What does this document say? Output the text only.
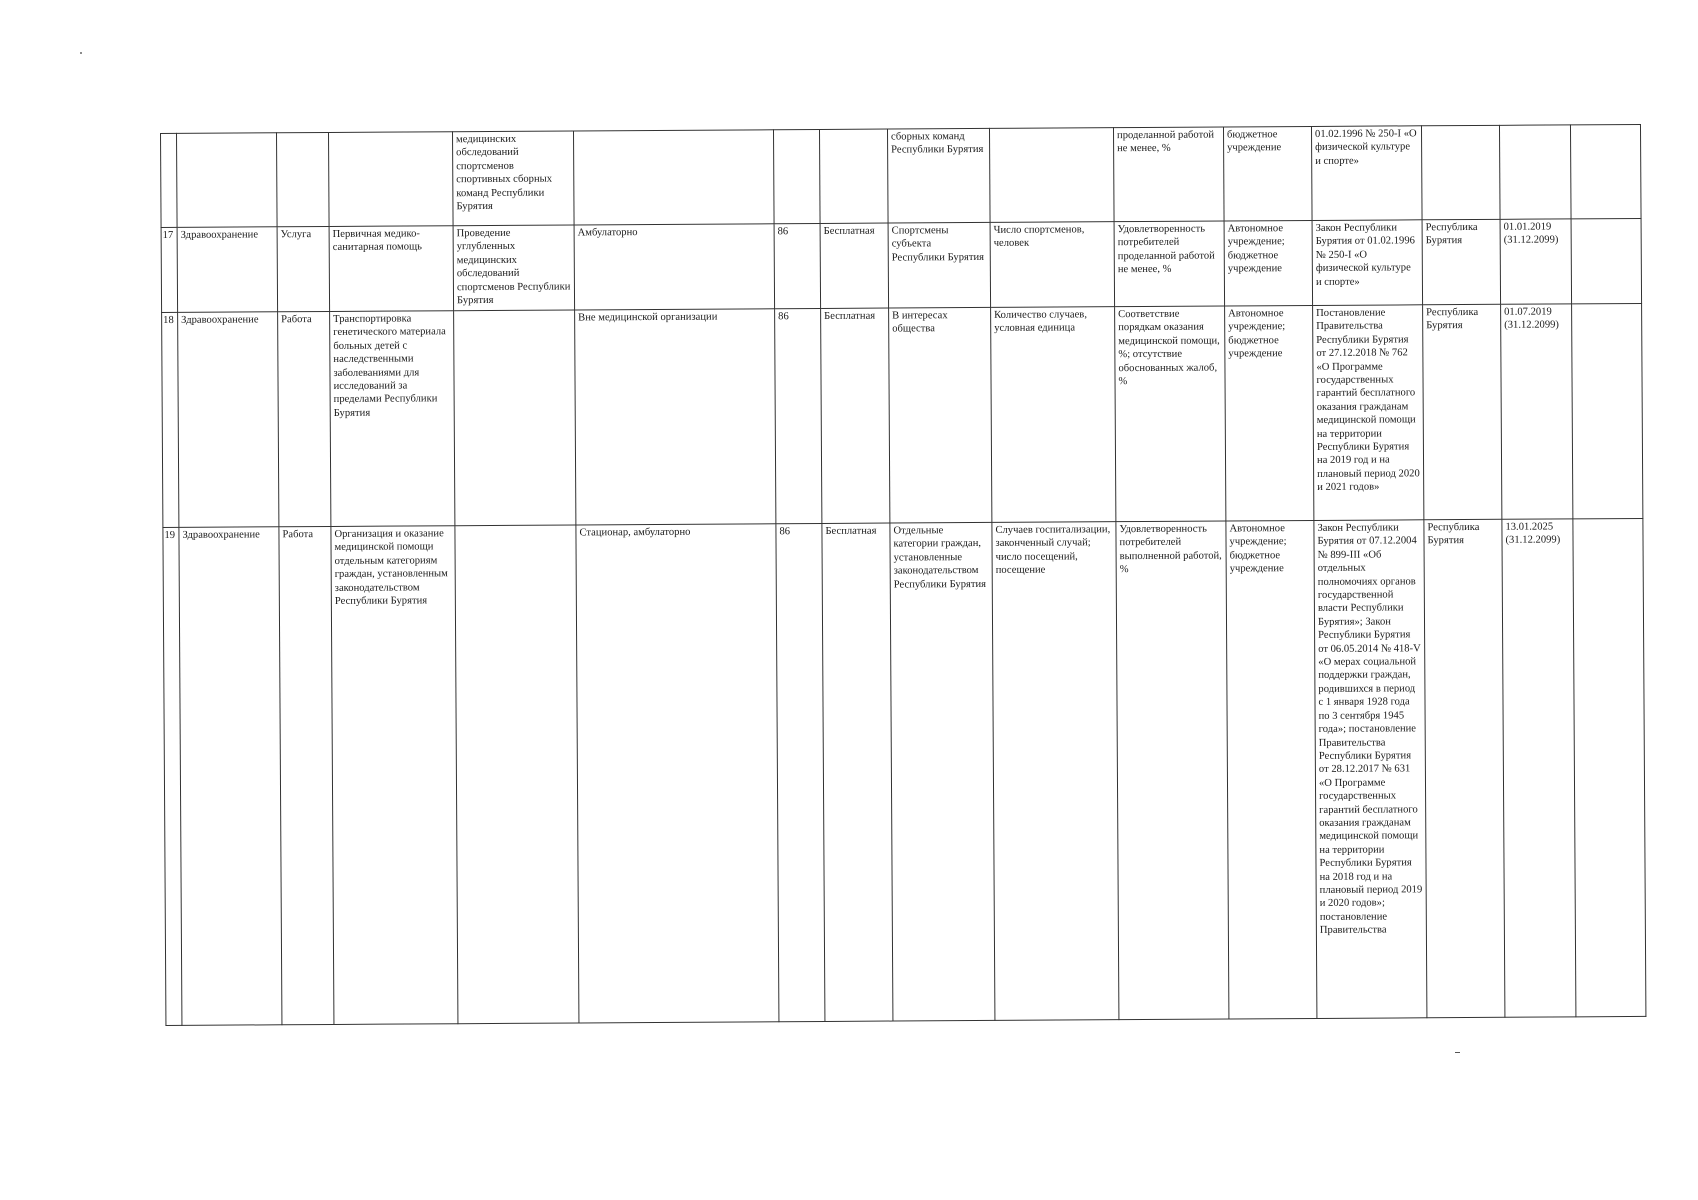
				медицинских обследований спортсменов спортивных сборных команд Республики Бурятия				сборных команд Республики Бурятия		проделанной работой не менее, %	бюджетное учреждение	01.02.1996 № 250-I «О физической культуре и спорте»			
17	Здравоохранение	Услуга	Первичная медико-санитарная помощь	Проведение углубленных медицинских обследований спортсменов Республики Бурятия	Амбулаторно	86	Бесплатная	Спортсмены субъекта Республики Бурятия	Число спортсменов, человек	Удовлетворенность потребителей проделанной работой не менее, %	Автономное учреждение; бюджетное учреждение	Закон Республики Бурятия от 01.02.1996 № 250-I «О физической культуре и спорте»	Республика Бурятия	01.01.2019 (31.12.2099)	
18	Здравоохранение	Работа	Транспортировка генетического материала больных детей с наследственными заболеваниями для исследований за пределами Республики Бурятия		Вне медицинской организации	86	Бесплатная	В интересах общества	Количество случаев, условная единица	Соответствие порядкам оказания медицинской помощи, %; отсутствие обоснованных жалоб, %	Автономное учреждение; бюджетное учреждение	Постановление Правительства Республики Бурятия от 27.12.2018 № 762 «О Программе государственных гарантий бесплатного оказания гражданам медицинской помощи на территории Республики Бурятия на 2019 год и на плановый период 2020 и 2021 годов»	Республика Бурятия	01.07.2019 (31.12.2099)	
19	Здравоохранение	Работа	Организация и оказание медицинской помощи отдельным категориям граждан, установленным законодательством Республики Бурятия		Стационар, амбулаторно	86	Бесплатная	Отдельные категории граждан, установленные законодательством Республики Бурятия	Случаев госпитализации, законченный случай; число посещений, посещение	Удовлетворенность потребителей выполненной работой, %	Автономное учреждение; бюджетное учреждение	Закон Республики Бурятия от 07.12.2004 № 899-III «Об отдельных полномочиях органов государственной власти Республики Бурятия»; Закон Республики Бурятия от 06.05.2014 № 418-V «О мерах социальной поддержки граждан, родившихся в период с 1 января 1928 года по 3 сентября 1945 года»; постановление Правительства Республики Бурятия от 28.12.2017 № 631 «О Программе государственных гарантий бесплатного оказания гражданам медицинской помощи на территории Республики Бурятия на 2018 год и на плановый период 2019 и 2020 годов»; постановление Правительства	Республика Бурятия	13.01.2025 (31.12.2099)	
